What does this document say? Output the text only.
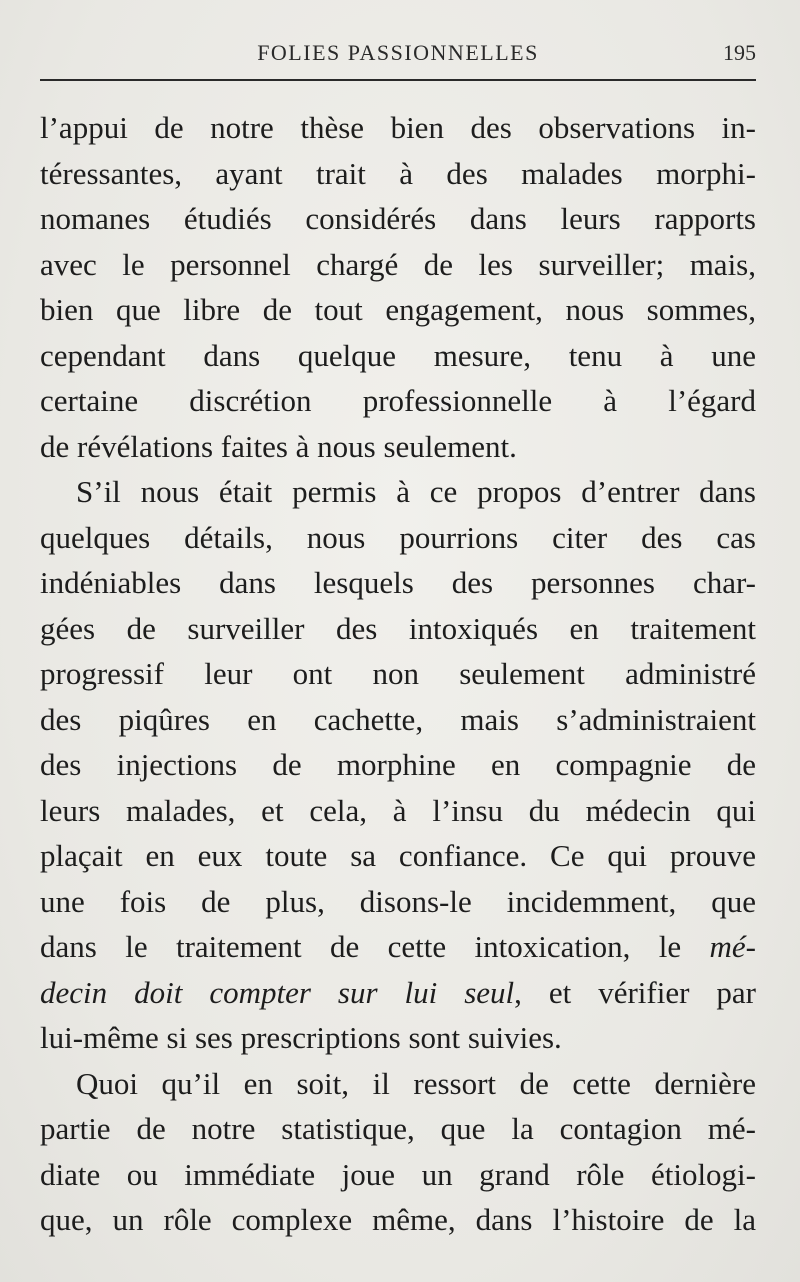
FOLIES PASSIONNELLES	195
l’appui de notre thèse bien des observations in-
téressantes, ayant trait à des malades morphi-
nomanes étudiés considérés dans leurs rapports
avec le personnel chargé de les surveiller; mais,
bien que libre de tout engagement, nous sommes,
cependant dans quelque mesure, tenu à une
certaine discrétion professionnelle à l’égard
de révélations faites à nous seulement.
S’il nous était permis à ce propos d’entrer dans
quelques détails, nous pourrions citer des cas
indéniables dans lesquels des personnes char-
gées de surveiller des intoxiqués en traitement
progressif leur ont non seulement administré
des piqûres en cachette, mais s’administraient
des injections de morphine en compagnie de
leurs malades, et cela, à l’insu du médecin qui
plaçait en eux toute sa confiance. Ce qui prouve
une fois de plus, disons-le incidemment, que
dans le traitement de cette intoxication, le mé-
decin doit compter sur lui seul, et vérifier par
lui-même si ses prescriptions sont suivies.
Quoi qu’il en soit, il ressort de cette dernière
partie de notre statistique, que la contagion mé-
diate ou immédiate joue un grand rôle étiologi-
que, un rôle complexe même, dans l’histoire de la
